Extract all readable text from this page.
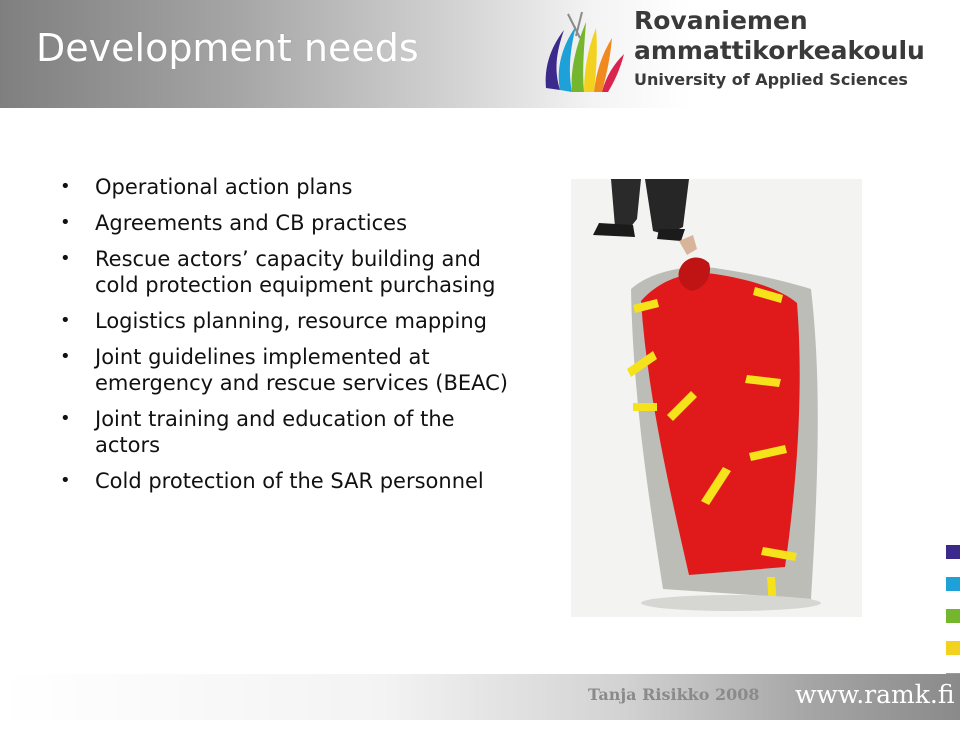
Development needs
Rovaniemen
ammattikorkeakoulu
University of Applied Sciences
• Operational action plans
• Agreements and CB practices
• Rescue actors’ capacity building and cold protection equipment purchasing
• Logistics planning, resource mapping
• Joint guidelines implemented at emergency and rescue services (BEAC)
• Joint training and education of the actors
• Cold protection of the SAR personnel
Tanja Risikko 2008 www.ramk.fi
